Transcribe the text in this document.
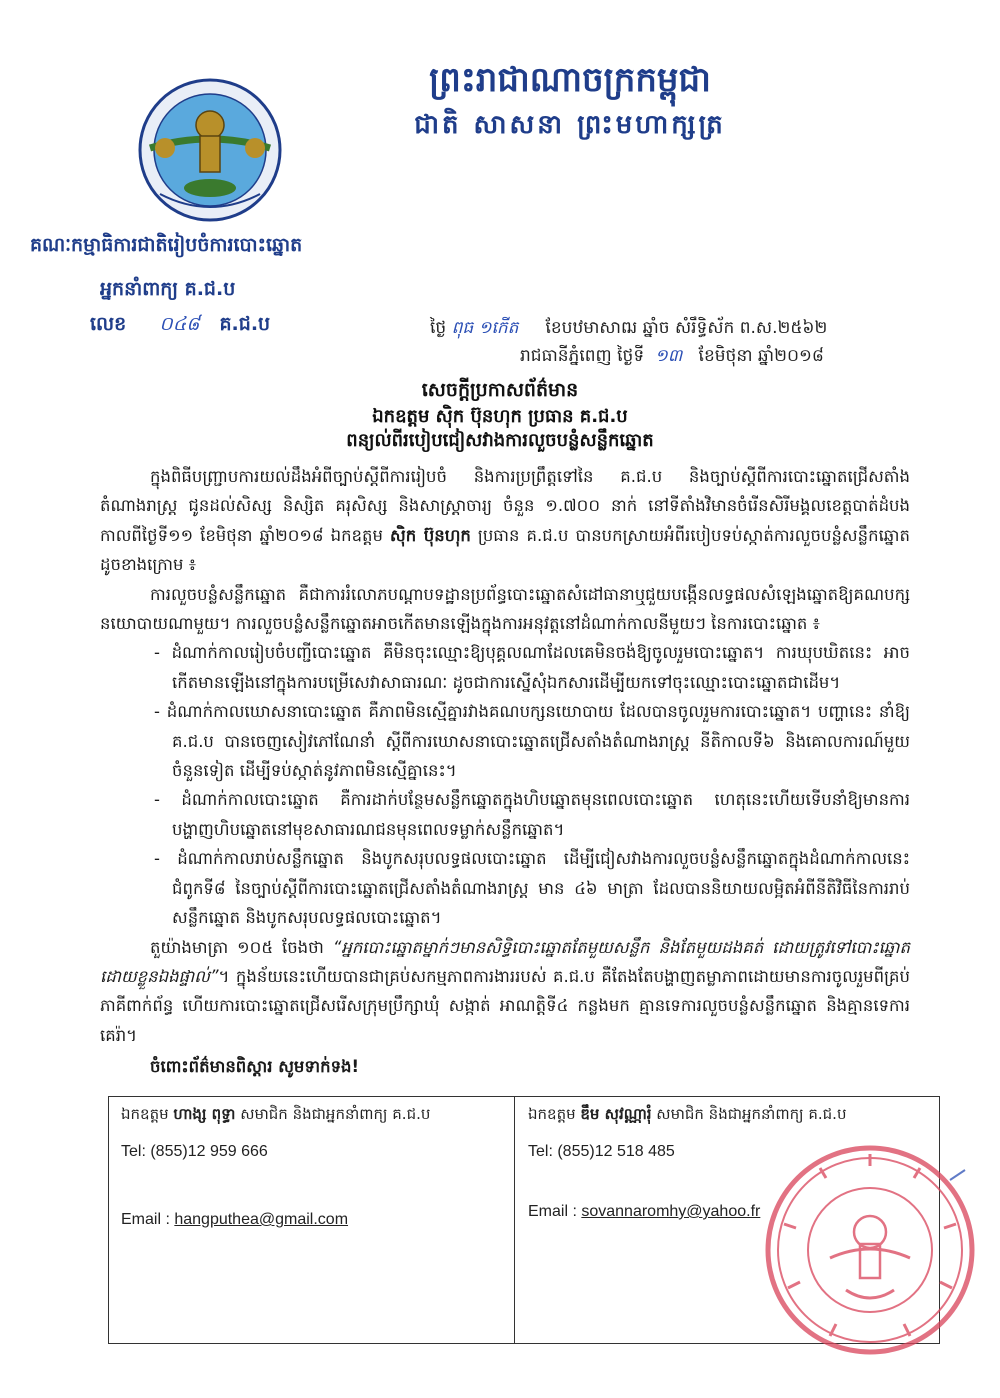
ព្រះរាជាណាចក្រកម្ពុជា
ជាតិ សាសនា ព្រះមហាក្សត្រ
គណៈកម្មាធិការជាតិរៀបចំការបោះឆ្នោត
អ្នកនាំពាក្យ គ.ជ.ប
លេខ ០៤៨ គ.ជ.ប	ថ្ងៃ ពុធ ១កើត ខែបឋមាសាឍ ឆ្នាំច សំរឹទ្ធិស័ក ព.ស.២៥៦២
រាជធានីភ្នំពេញ ថ្ងៃទី ១៣ ខែមិថុនា ឆ្នាំ២០១៨
សេចក្តីប្រកាសព័ត៌មាន
ឯកឧត្តម សុិក ប៊ុនហុក ប្រធាន គ.ជ.ប
ពន្យល់ពីរបៀបជៀសវាងការលួចបន្លំសន្លឹកឆ្នោត

ក្នុងពិធីបញ្ជ្រាបការយល់ដឹងអំពីច្បាប់ស្តីពីការរៀបចំ និងការប្រព្រឹត្តទៅនៃ គ.ជ.ប និងច្បាប់ស្តីពីការបោះឆ្នោតជ្រើសតាំងតំណាងរាស្ត្រ ជូនដល់សិស្ស និស្សិត គរុសិស្ស និងសាស្ត្រាចារ្យ ចំនួន ១.៧០០ នាក់ នៅទីតាំងវិមានចំរើនសិរីមង្គលខេត្តបាត់ដំបង កាលពីថ្ងៃទី១១ ខែមិថុនា ឆ្នាំ២០១៨ ឯកឧត្តម សុិក ប៊ុនហុក ប្រធាន គ.ជ.ប បានបកស្រាយអំពីរបៀបទប់ស្កាត់ការលួចបន្លំសន្លឹកឆ្នោតដូចខាងក្រោម ៖

ការលួចបន្លំសន្លឹកឆ្នោត គឺជាការរំលោភបណ្តាបទដ្ឋានប្រព័ន្ធបោះឆ្នោតសំដៅធានាឬជួយបង្កើនលទ្ធផលសំឡេងឆ្នោតឱ្យគណបក្សនយោបាយណាមួយ។ ការលួចបន្លំសន្លឹកឆ្នោតអាចកើតមានឡើងក្នុងការអនុវត្តនៅដំណាក់កាលនីមួយៗ នៃការបោះឆ្នោត ៖

- ដំណាក់កាលរៀបចំបញ្ជីបោះឆ្នោត គឺមិនចុះឈ្មោះឱ្យបុគ្គលណាដែលគេមិនចង់ឱ្យចូលរួមបោះឆ្នោត។ ការឃុបឃិតនេះ អាចកើតមានឡើងនៅក្នុងការបម្រើសេវាសាធារណៈ ដូចជាការស្នើសុំឯកសារដើម្បីយកទៅចុះឈ្មោះបោះឆ្នោតជាដើម។

- ដំណាក់កាលឃោសនាបោះឆ្នោត គឺភាពមិនស្មើគ្នារវាងគណបក្សនយោបាយ ដែលបានចូលរួមការបោះឆ្នោត។ បញ្ហានេះ នាំឱ្យ គ.ជ.ប បានចេញសៀវភៅណែនាំ ស្តីពីការឃោសនាបោះឆ្នោតជ្រើសតាំងតំណាងរាស្ត្រ នីតិកាលទី៦ និងគោលការណ៍មួយចំនួនទៀត ដើម្បីទប់ស្កាត់នូវភាពមិនស្មើគ្នានេះ។

- ដំណាក់កាលបោះឆ្នោត គឺការដាក់បន្ថែមសន្លឹកឆ្នោតក្នុងហិបឆ្នោតមុនពេលបោះឆ្នោត ហេតុនេះហើយទើបនាំឱ្យមានការបង្ហាញហិបឆ្នោតនៅមុខសាធារណជនមុនពេលទម្លាក់សន្លឹកឆ្នោត។

- ដំណាក់កាលរាប់សន្លឹកឆ្នោត និងបូកសរុបលទ្ធផលបោះឆ្នោត ដើម្បីជៀសវាងការលួចបន្លំសន្លឹកឆ្នោតក្នុងដំណាក់កាលនេះ ជំពូកទី៨ នៃច្បាប់ស្តីពីការបោះឆ្នោតជ្រើសតាំងតំណាងរាស្ត្រ មាន ៤៦ មាត្រា ដែលបាននិយាយលម្អិតអំពីនីតិវិធីនៃការរាប់សន្លឹកឆ្នោត និងបូកសរុបលទ្ធផលបោះឆ្នោត។

តួយ៉ាងមាត្រា ១០៥ ចែងថា “អ្នកបោះឆ្នោតម្នាក់ៗមានសិទ្ធិបោះឆ្នោតតែមួយសន្លឹក និងតែមួយដងគត់ ដោយត្រូវទៅបោះឆ្នោតដោយខ្លួនឯងផ្ទាល់”។ ក្នុងន័យនេះហើយបានជាគ្រប់សកម្មភាពការងាររបស់ គ.ជ.ប គឺតែងតែបង្ហាញតម្លាភាពដោយមានការចូលរួមពីគ្រប់ភាគីពាក់ព័ន្ធ ហើយការបោះឆ្នោតជ្រើសរើសក្រុមប្រឹក្សាឃុំ សង្កាត់ អាណត្តិទី៤ កន្លងមក គ្មានទេការលួចបន្លំសន្លឹកឆ្នោត និងគ្មានទេការគេរ៉ា។

ចំពោះព័ត៌មានពិស្តារ សូមទាក់ទង!

ឯកឧត្តម ហាង្ស ពុទ្ធា សមាជិក និងជាអ្នកនាំពាក្យ គ.ជ.ប
Tel: (855)12 959 666
Email : hangputhea@gmail.com
ឯកឧត្តម ឌឹម សុវណ្ណារុំ សមាជិក និងជាអ្នកនាំពាក្យ គ.ជ.ប
Tel: (855)12 518 485
Email : sovannaromhy@yahoo.fr
